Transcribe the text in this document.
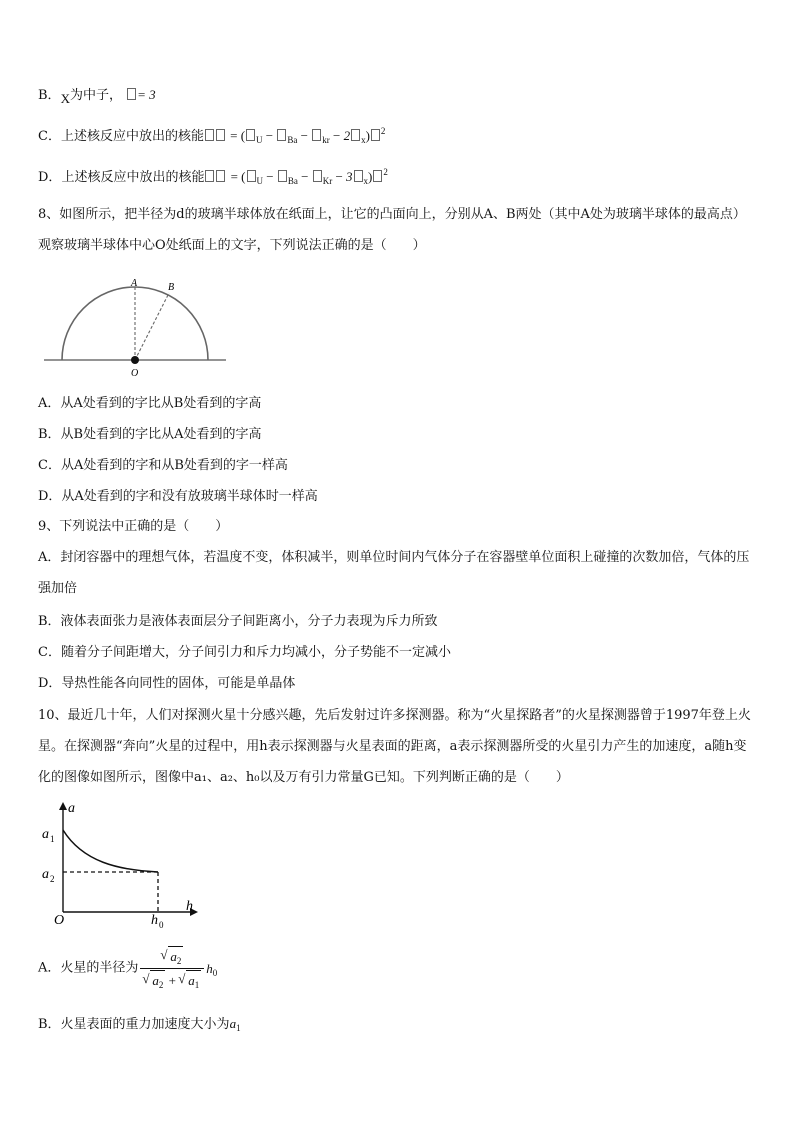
B．X为中子， = 3
C．上述核反应中放出的核能 = ( $_U$ − $_{Ba}$ − $_{kr}$ − 2 $_x$) $^2$
D．上述核反应中放出的核能 = ( $_U$ − $_{Ba}$ − $_{Kr}$ − 3 $_x$) $^2$
8、如图所示，把半径为d的玻璃半球体放在纸面上，让它的凸面向上，分别从A、B两处（其中A处为玻璃半球体的最高点）观察玻璃半球体中心O处纸面上的文字，下列说法正确的是（　　）
A	B
O
A．从A处看到的字比从B处看到的字高
B．从B处看到的字比从A处看到的字高
C．从A处看到的字和从B处看到的字一样高
D．从A处看到的字和没有放玻璃半球体时一样高
9、下列说法中正确的是（　　）
A．封闭容器中的理想气体，若温度不变，体积减半，则单位时间内气体分子在容器壁单位面积上碰撞的次数加倍，气体的压强加倍
B．液体表面张力是液体表面层分子间距离小，分子力表现为斥力所致
C．随着分子间距增大，分子间引力和斥力均减小，分子势能不一定减小
D．导热性能各向同性的固体，可能是单晶体
10、最近几十年，人们对探测火星十分感兴趣，先后发射过许多探测器。称为“火星探路者”的火星探测器曾于1997年登上火星。在探测器“奔向”火星的过程中，用h表示探测器与火星表面的距离，a表示探测器所受的火星引力产生的加速度，a随h变化的图像如图所示，图像中a₁、a₂、h₀以及万有引力常量G已知。下列判断正确的是（　　）
a
a 1
a 2
O
h
h 0
A．火星的半径为 √ $a_2$
√ $a_2$ + √ $a_1$ $h_0$
B．火星表面的重力加速度大小为$a_1$
